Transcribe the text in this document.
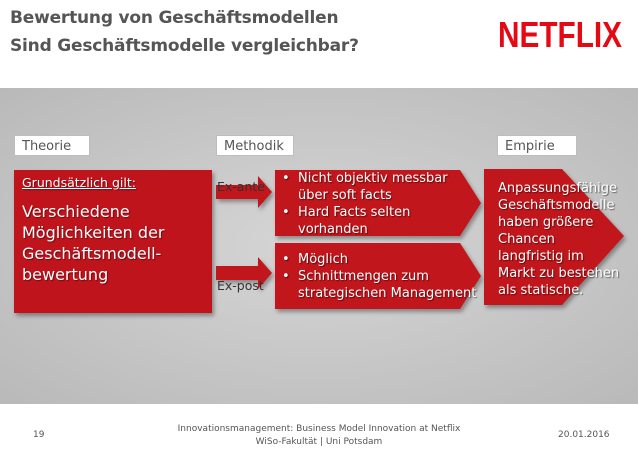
Bewertung von Geschäftsmodellen
Sind Geschäftsmodelle vergleichbar?	NETFLIX
Theorie	Methodik	Empirie
Grundsätzlich gilt:
Verschiedene
Möglichkeiten der
Geschäftsmodell-
bewertung
Ex-ante
Ex-post
• Nicht objektiv messbar
über soft facts
• Hard Facts selten
vorhanden
• Möglich
• Schnittmengen zum
strategischen Management
Anpassungsfähige
Geschäftsmodelle
haben größere
Chancen
langfristig im
Markt zu bestehen
als statische.
19
Innovationsmanagement: Business Model Innovation at Netflix
WiSo-Fakultät | Uni Potsdam
20.01.2016
